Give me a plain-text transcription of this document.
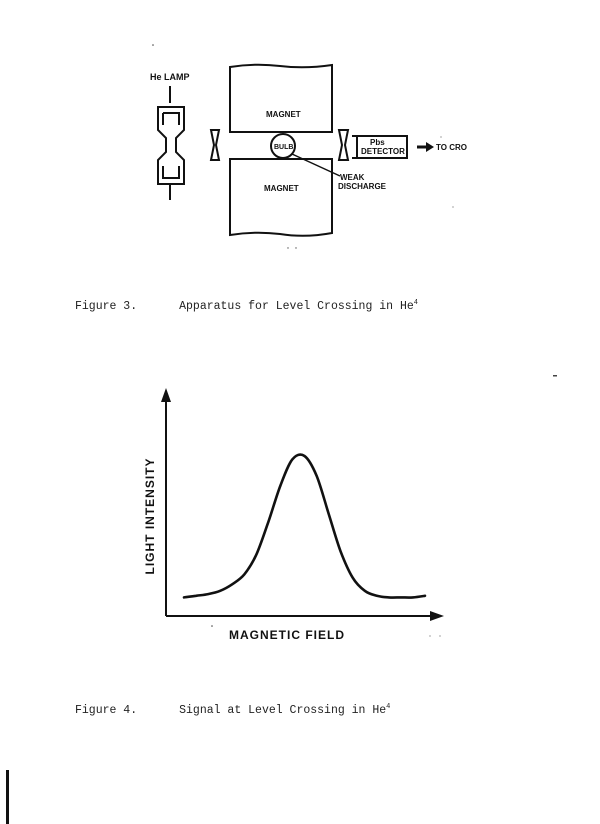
He LAMP
MAGNET
MAGNET
BULB
WEAK
DISCHARGE
Pbs
DETECTOR	TO CRO
Figure 3.	Apparatus for Level Crossing in He$^4$
LIGHT INTENSITY
MAGNETIC FIELD
Figure 4.	Signal at Level Crossing in He$^4$
